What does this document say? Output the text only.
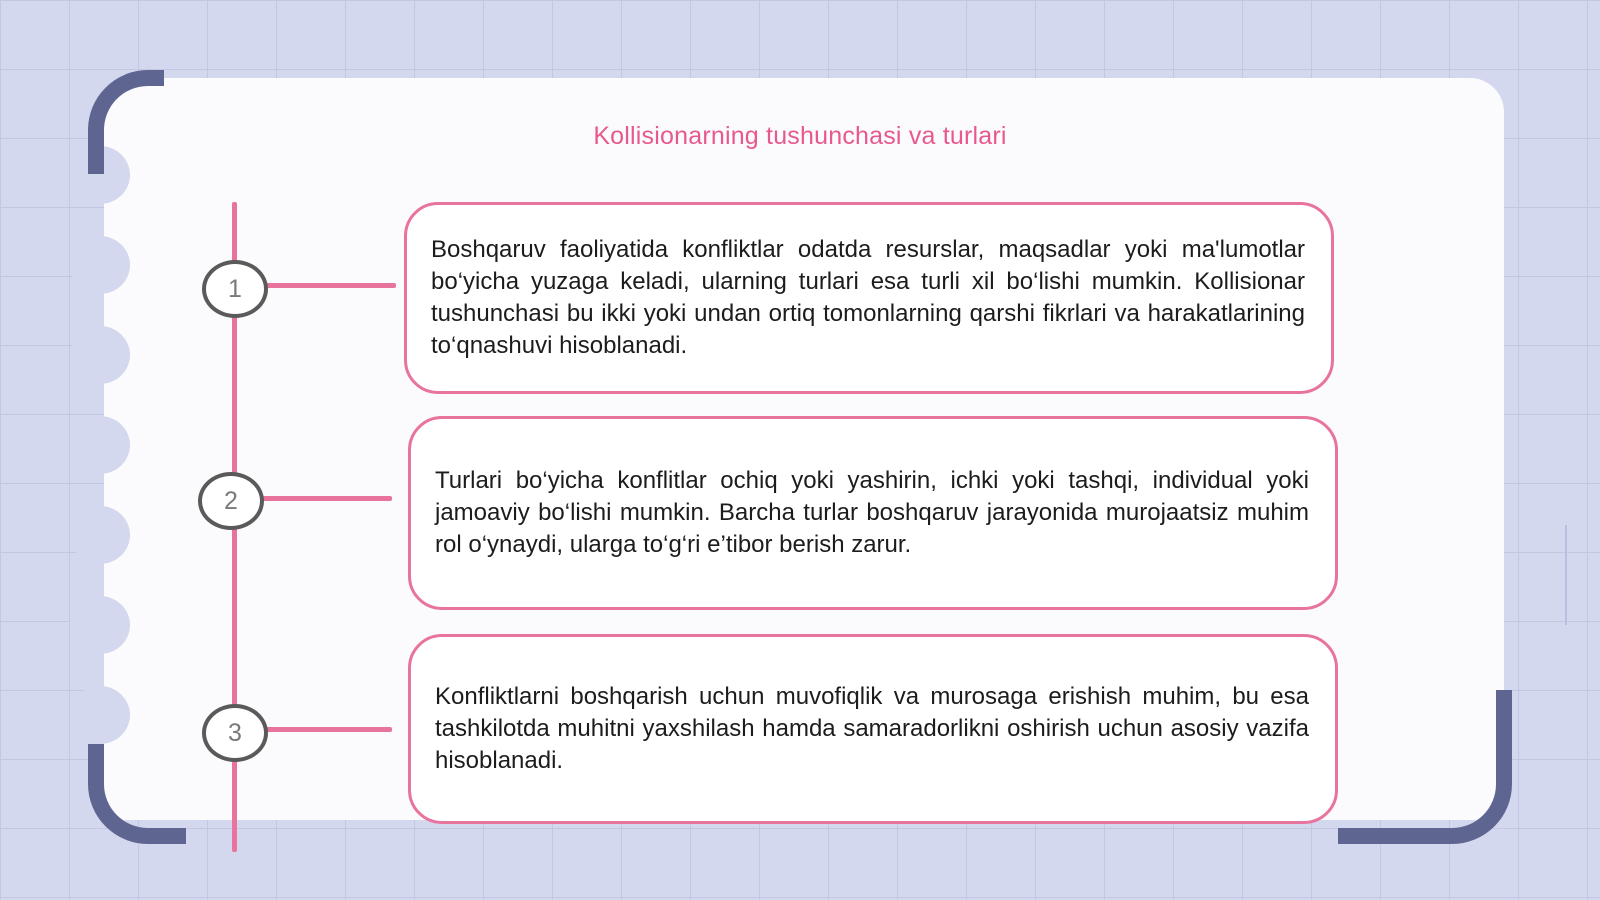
Kollisionarning tushunchasi va turlari
1
Boshqaruv faoliyatida konfliktlar odatda resurslar, maqsadlar yoki ma'lumotlar bo‘yicha yuzaga keladi, ularning turlari esa turli xil bo‘lishi mumkin. Kollisionar tushunchasi bu ikki yoki undan ortiq tomonlarning qarshi fikrlari va harakatlarining to‘qnashuvi hisoblanadi.
2
Turlari bo‘yicha konflitlar ochiq yoki yashirin, ichki yoki tashqi, individual yoki jamoaviy bo‘lishi mumkin. Barcha turlar boshqaruv jarayonida murojaatsiz muhim rol o‘ynaydi, ularga to‘g‘ri e’tibor berish zarur.
3
Konfliktlarni boshqarish uchun muvofiqlik va murosaga erishish muhim, bu esa tashkilotda muhitni yaxshilash hamda samaradorlikni oshirish uchun asosiy vazifa hisoblanadi.
